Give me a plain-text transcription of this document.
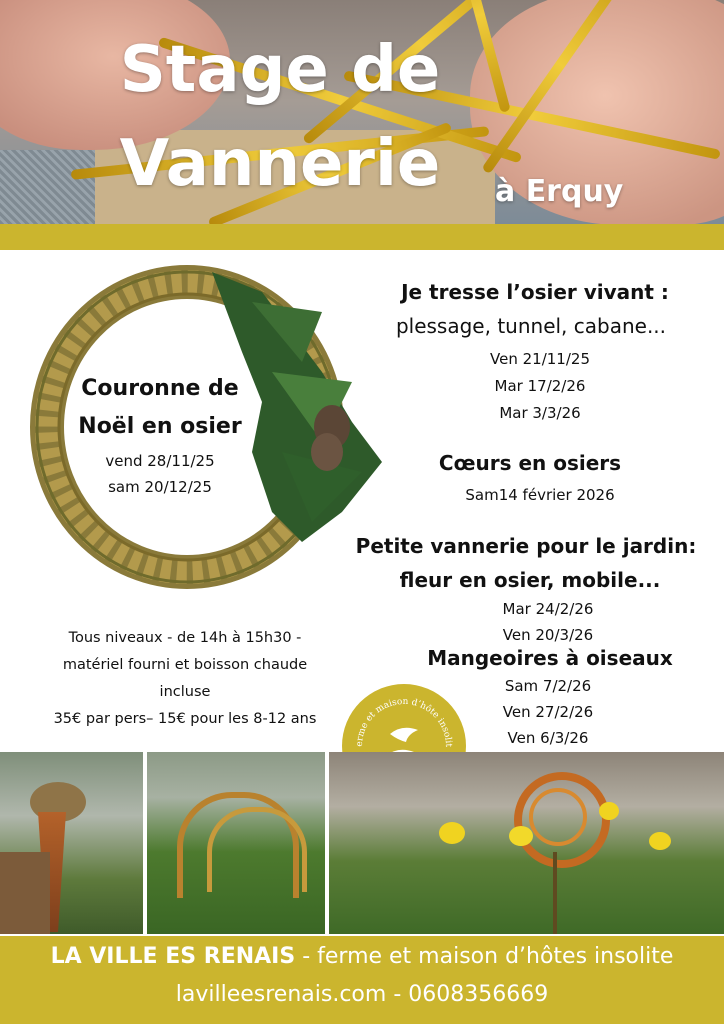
Stage de
Vannerie	à Erquy
Couronne de
Noël en osier
vend 28/11/25
sam 20/12/25
Je tresse l’osier vivant :
plessage, tunnel, cabane...
Ven 21/11/25
Mar 17/2/26
Mar 3/3/26
Cœurs en osiers
Sam14 février 2026
Petite vannerie pour le jardin:
fleur en osier, mobile...
Mar 24/2/26
Ven 20/3/26
Mangeoires à oiseaux
Sam 7/2/26
Ven 27/2/26
Ven 6/3/26
Tous niveaux - de 14h à 15h30 -
matériel fourni et boisson chaude
incluse
35€ par pers– 15€ pour les 8-12 ans
erme et maison d’hôte insolit
LA VILLE ES RENAIS - ferme et maison d’hôtes insolite
lavilleesrenais.com - 0608356669
